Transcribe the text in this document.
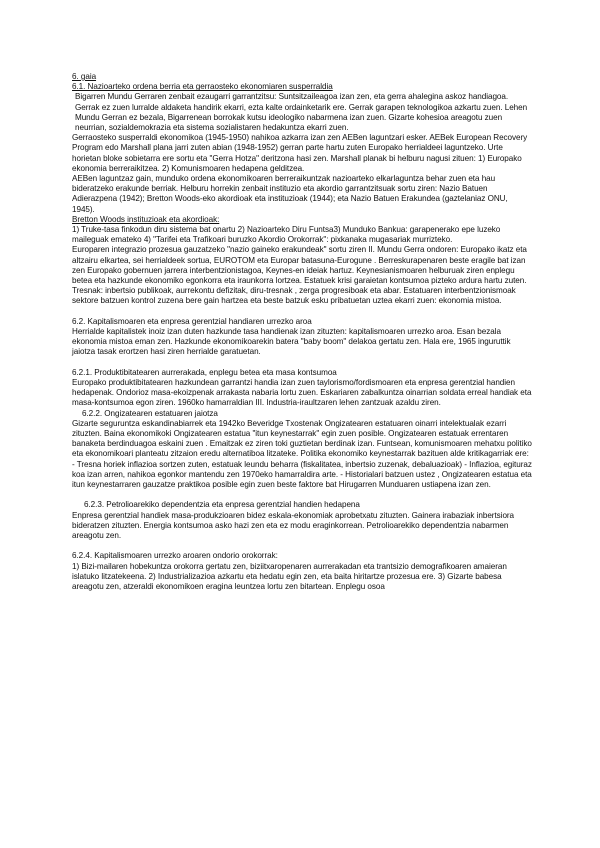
6. gaia

6.1. Nazioarteko ordena berria eta gerraosteko ekonomiaren susperraldia

Bigarren Mundu Gerraren zenbait ezaugarri garrantzitsu: Suntsitzaileagoa izan zen, eta gerra ahalegina askoz handiagoa. Gerrak ez zuen lurralde aldaketa handirik ekarri, ezta kalte ordainketarik ere. Gerrak garapen teknologikoa azkartu zuen. Lehen Mundu Gerran ez bezala, Bigarrenean borrokak kutsu ideologiko nabarmena izan zuen. Gizarte kohesioa areagotu zuen neurrian, sozialdemokrazia eta sistema sozialistaren hedakuntza ekarri zuen.

Gerraosteko susperraldi ekonomikoa (1945-1950) nahikoa azkarra izan zen AEBen laguntzari esker. AEBek European Recovery Program edo Marshall plana jarri zuten abian (1948-1952) gerran parte hartu zuten Europako herrialdeei laguntzeko. Urte horietan bloke sobietarra ere sortu eta "Gerra Hotza" deritzona hasi zen. Marshall planak bi helburu nagusi zituen: 1) Europako ekonomia berreraikitzea. 2) Komunismoaren hedapena gelditzea.

AEBen laguntzaz gain, munduko ordena ekonomikoaren berreraikuntzak nazioarteko elkarlaguntza behar zuen eta hau bideratzeko erakunde berriak. Helburu horrekin zenbait instituzio eta akordio garrantzitsuak sortu ziren: Nazio Batuen Adierazpena (1942); Bretton Woods-eko akordioak eta instituzioak (1944); eta Nazio Batuen Erakundea (gaztelaniaz ONU, 1945).

Bretton Woods instituzioak eta akordioak:

1) Truke-tasa finkodun diru sistema bat onartu 2) Nazioarteko Diru Funtsa3) Munduko Bankua: garapenerako epe luzeko maileguak emateko 4) "Tarifei eta Trafikoari buruzko Akordio Orokorrak": pixkanaka mugasariak murrizteko.

Europaren integrazio prozesua gauzatzeko "nazio gaineko erakundeak" sortu ziren II. Mundu Gerra ondoren: Europako ikatz eta altzairu elkartea, sei herrialdeek sortua, EUROTOM eta Europar batasuna-Eurogune . Berreskurapenaren beste eragile bat izan zen Europako gobernuen jarrera interbentzionistagoa, Keynes-en ideiak hartuz. Keynesianismoaren helburuak ziren enplegu betea eta hazkunde ekonomiko egonkorra eta iraunkorra lortzea. Estatuek krisi garaietan kontsumoa pizteko ardura hartu zuten. Tresnak: inbertsio publikoak, aurrekontu defizitak, diru-tresnak , zerga progresiboak eta abar. Estatuaren interbentzionismoak sektore batzuen kontrol zuzena bere gain hartzea eta beste batzuk esku pribatuetan uztea ekarri zuen: ekonomia mistoa.

6.2. Kapitalismoaren eta enpresa gerentzial handiaren urrezko aroa

Herrialde kapitalistek inoiz izan duten hazkunde tasa handienak izan zituzten: kapitalismoaren urrezko aroa. Esan bezala ekonomia mistoa eman zen. Hazkunde ekonomikoarekin batera "baby boom" delakoa gertatu zen. Hala ere, 1965 inguruttik jaiotza tasak erortzen hasi ziren herrialde garatuetan.

6.2.1. Produktibitatearen aurrerakada, enplegu betea eta masa kontsumoa

Europako produktibitatearen hazkundean garrantzi handia izan zuen taylorismo/fordismoaren eta enpresa gerentzial handien hedapenak. Ondorioz masa-ekoizpenak arrakasta nabaria lortu zuen. Eskariaren zabalkuntza oinarrian soldata erreal handiak eta masa-kontsumoa egon ziren. 1960ko hamarraldian III. Industria-iraultzaren lehen zantzuak azaldu ziren.

6.2.2. Ongizatearen estatuaren jaiotza

Gizarte seguruntza eskandinabiarrek eta 1942ko Beveridge Txostenak Ongizatearen estatuaren oinarri intelektualak ezarri zituzten. Baina ekonomikoki Ongizatearen estatua "itun keynestarrak" egin zuen posible. Ongizatearen estatuak errentaren banaketa berdinduagoa eskaini zuen . Emaitzak ez ziren toki guztietan berdinak izan. Funtsean, komunismoaren mehatxu politiko eta ekonomikoari planteatu zitzaion eredu alternatiboa litzateke. Politika ekonomiko keynestarrak bazituen alde kritikagarriak ere: - Tresna horiek inflazioa sortzen zuten, estatuak leundu beharra (fiskalitatea, inbertsio zuzenak, debaluazioak) - Inflazioa, egituraz koa izan arren, nahikoa egonkor mantendu zen 1970eko hamarraldira arte. - Historialari batzuen ustez , Ongizatearen estatua eta itun keynestarraren gauzatze praktikoa posible egin zuen beste faktore bat Hirugarren Munduaren ustiapena izan zen.

6.2.3. Petrolioarekiko dependentzia eta enpresa gerentzial handien hedapena

Enpresa gerentzial handiek masa-produkzioaren bidez eskala-ekonomiak aprobetxatu zituzten. Gainera irabaziak inbertsiora bideratzen zituzten. Energia kontsumoa asko hazi zen eta ez modu eraginkorrean. Petrolioarekiko dependentzia nabarmen areagotu zen.

6.2.4. Kapitalismoaren urrezko aroaren ondorio orokorrak:

1) Bizi-mailaren hobekuntza orokorra gertatu zen, biziitxaropenaren aurrerakadan eta trantsizio demografikoaren amaieran islatuko litzatekeena. 2) Industrializazioa azkartu eta hedatu egin zen, eta baita hiritartze prozesua ere. 3) Gizarte babesa areagotu zen, atzeraldi ekonomikoen eragina leuntzea lortu zen bitartean. Enplegu osoa
